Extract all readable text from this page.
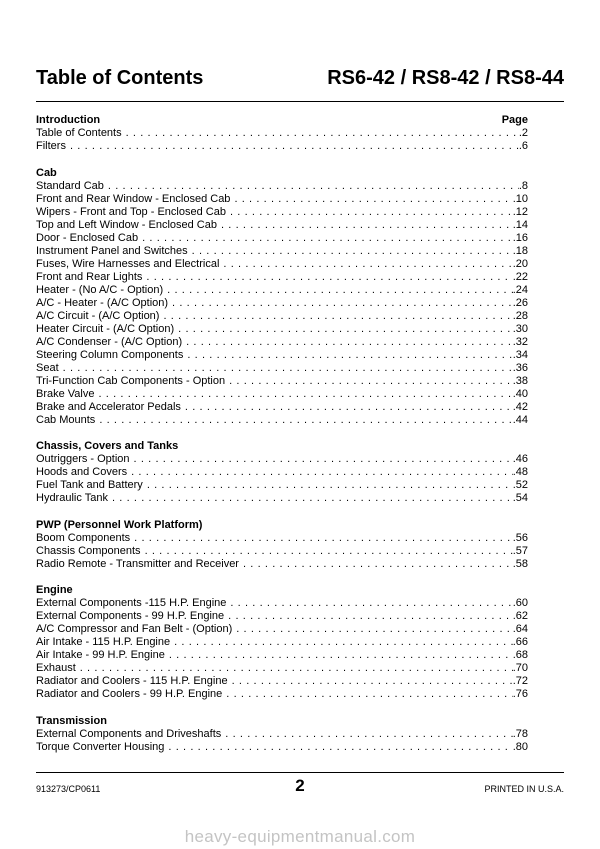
Table of Contents	RS6-42 / RS8-42 / RS8-44
Page
Introduction
Table of Contents . . .	.2
Filters . . .	.6
Cab
Standard Cab . . .	.8
Front and Rear Window - Enclosed Cab . . .	.10
Wipers - Front and Top - Enclosed Cab . . .	.12
Top and Left Window - Enclosed Cab . . .	.14
Door - Enclosed Cab . . .	.16
Instrument Panel and Switches . . .	.18
Fuses, Wire Harnesses and Electrical . . .	.20
Front and Rear Lights . . .	.22
Heater - (No A/C - Option) . . .	.24
A/C - Heater - (A/C Option) . . .	.26
A/C Circuit - (A/C Option) . . .	.28
Heater Circuit - (A/C Option) . . .	.30
A/C Condenser - (A/C Option) . . .	.32
Steering Column Components . . .	.34
Seat . . .	.36
Tri-Function Cab Components - Option . . .	.38
Brake Valve . . .	.40
Brake and Accelerator Pedals . . .	.42
Cab Mounts . . .	.44
Chassis, Covers and Tanks
Outriggers - Option . . .	.46
Hoods and Covers . . .	.48
Fuel Tank and Battery . . .	.52
Hydraulic Tank . . .	.54
PWP (Personnel Work Platform)
Boom Components . . .	.56
Chassis Components . . .	.57
Radio Remote - Transmitter and Receiver . . .	.58
Engine
External Components -115 H.P. Engine . . .	.60
External Components - 99 H.P. Engine . . .	.62
A/C Compressor and Fan Belt - (Option) . . .	.64
Air Intake - 115 H.P. Engine . . .	.66
Air Intake - 99 H.P. Engine . . .	.68
Exhaust . . .	.70
Radiator and Coolers - 115 H.P. Engine . . .	.72
Radiator and Coolers - 99 H.P. Engine . . .	.76
Transmission
External Components and Driveshafts . . .	.78
Torque Converter Housing . . .	.80
913273/CP0611	2	PRINTED IN U.S.A.
heavy-equipmentmanual.com
